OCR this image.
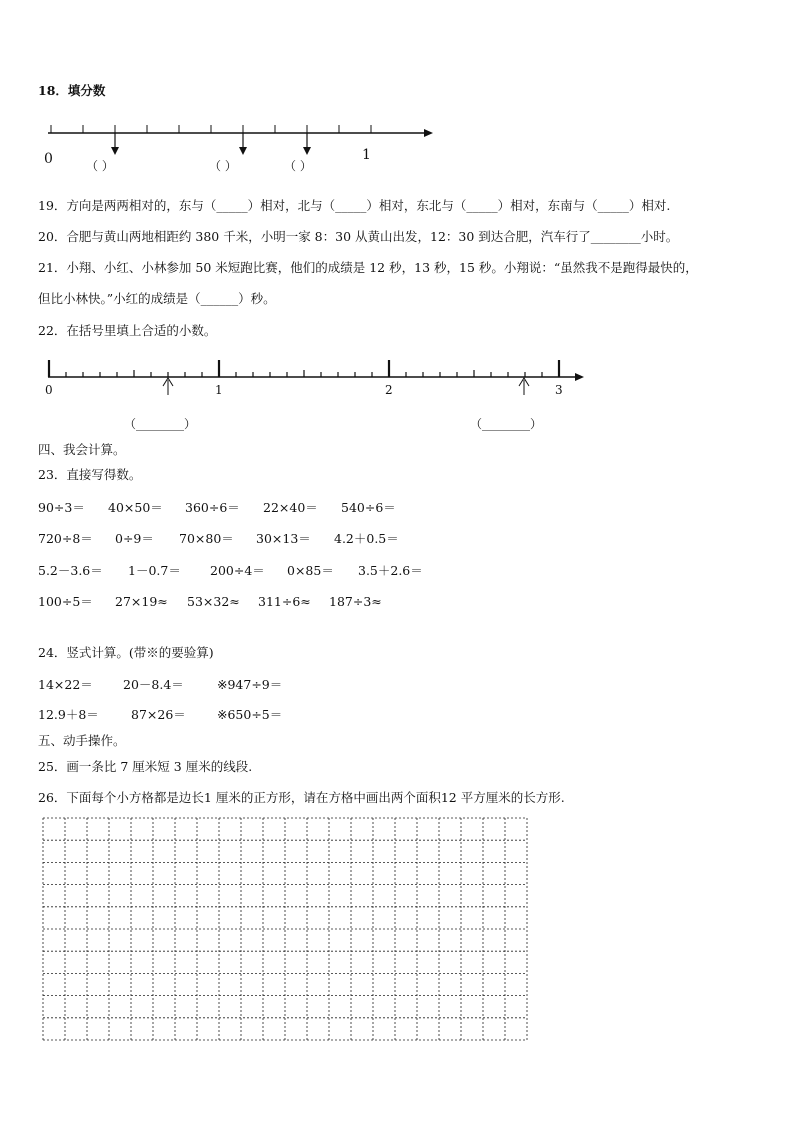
18．填分数
0	1
（ ）	（ ）	（ ）
0	1	2	3
（________）	（________）
19．方向是两两相对的，东与（_____）相对，北与（_____）相对，东北与（_____）相对，东南与（_____）相对.
20．合肥与黄山两地相距约 380 千米，小明一家 8：30 从黄山出发，12：30 到达合肥，汽车行了________小时。
21．小翔、小红、小林参加 50 米短跑比赛，他们的成绩是 12 秒，13 秒，15 秒。小翔说：“虽然我不是跑得最快的，
但比小林快。”小红的成绩是（______）秒。
22．在括号里填上合适的小数。
四、我会计算。
23．直接写得数。
90÷3＝ 40×50＝ 360÷6＝ 22×40＝ 540÷6＝
720÷8＝ 0÷9＝ 70×80＝ 30×13＝ 4.2＋0.5＝
5.2－3.6＝ 1－0.7＝ 200÷4＝ 0×85＝ 3.5＋2.6＝
100÷5＝ 27×19≈ 53×32≈ 311÷6≈ 187÷3≈
24．竖式计算。(带※的要验算)
14×22＝ 20－8.4＝	※947÷9＝
12.9＋8＝	87×26＝ ※650÷5＝
五、动手操作。
25．画一条比 7 厘米短 3 厘米的线段.
26．下面每个小方格都是边长1 厘米的正方形，请在方格中画出两个面积12 平方厘米的长方形.
